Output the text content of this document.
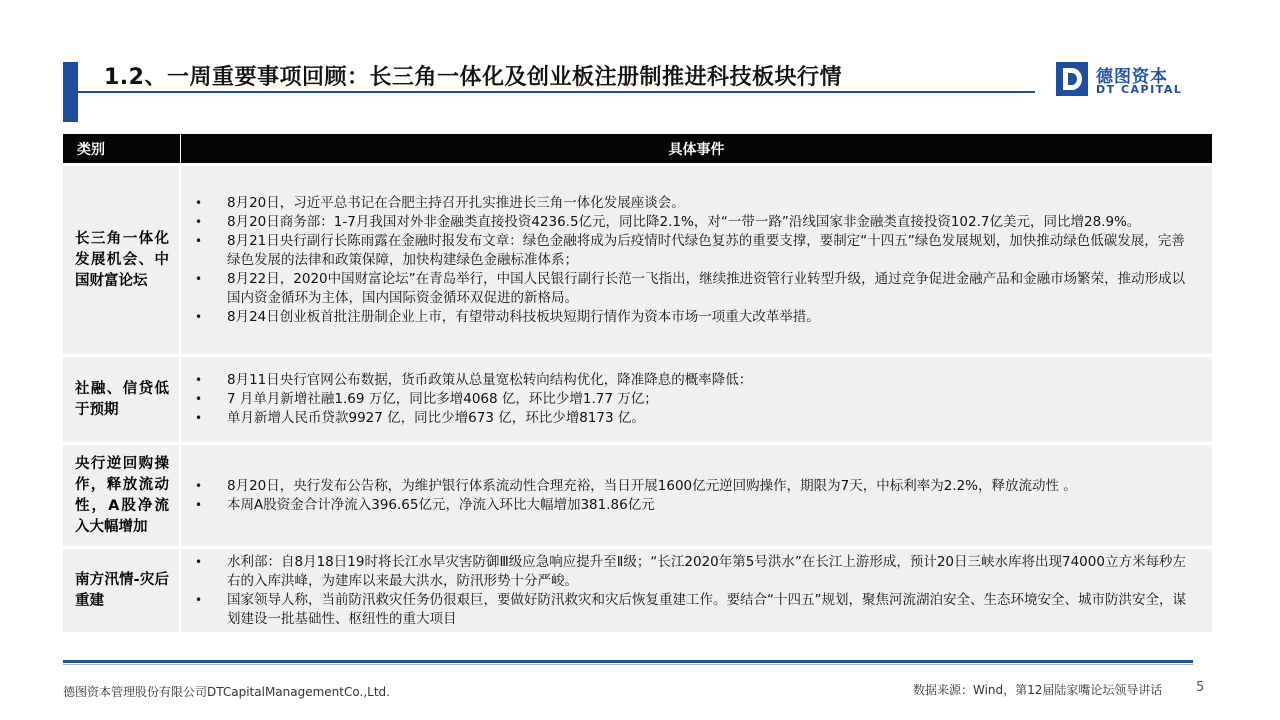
1.2、一周重要事项回顾：长三角一体化及创业板注册制推进科技板块行情	德图资本
DT CAPITAL
类别	具体事件
长三角一体化发展机会、中国财富论坛
• 8月20日，习近平总书记在合肥主持召开扎实推进长三角一体化发展座谈会。
• 8月20日商务部：1-7月我国对外非金融类直接投资4236.5亿元，同比降2.1%，对“一带一路”沿线国家非金融类直接投资102.7亿美元，同比增28.9%。
• 8月21日央行副行长陈雨露在金融时报发布文章：绿色金融将成为后疫情时代绿色复苏的重要支撑，要制定“十四五”绿色发展规划，加快推动绿色低碳发展，完善绿色发展的法律和政策保障，加快构建绿色金融标准体系；
• 8月22日，2020中国财富论坛”在青岛举行，中国人民银行副行长范一飞指出，继续推进资管行业转型升级，通过竞争促进金融产品和金融市场繁荣，推动形成以国内资金循环为主体，国内国际资金循环双促进的新格局。
• 8月24日创业板首批注册制企业上市，有望带动科技板块短期行情作为资本市场一项重大改革举措。
社融、信贷低于预期
• 8月11日央行官网公布数据，货币政策从总量宽松转向结构优化，降准降息的概率降低：
• 7 月单月新增社融1.69 万亿，同比多增4068 亿，环比少增1.77 万亿；
• 单月新增人民币贷款9927 亿，同比少增673 亿，环比少增8173 亿。
央行逆回购操作，释放流动性，A股净流入大幅增加
• 8月20日，央行发布公告称，为维护银行体系流动性合理充裕，当日开展1600亿元逆回购操作，期限为7天，中标利率为2.2%，释放流动性 。
• 本周A股资金合计净流入396.65亿元，净流入环比大幅增加381.86亿元
南方汛情-灾后重建
• 水利部：自8月18日19时将长江水旱灾害防御Ⅲ级应急响应提升至Ⅱ级；“长江2020年第5号洪水”在长江上游形成，预计20日三峡水库将出现74000立方米每秒左右的入库洪峰，为建库以来最大洪水，防汛形势十分严峻。
• 国家领导人称，当前防汛救灾任务仍很艰巨，要做好防汛救灾和灾后恢复重建工作。要结合“十四五”规划，聚焦河流湖泊安全、生态环境安全、城市防洪安全，谋划建设一批基础性、枢纽性的重大项目
德图资本管理股份有限公司DTCapitalManagementCo.,Ltd.	数据来源：Wind，第12届陆家嘴论坛领导讲话	5
